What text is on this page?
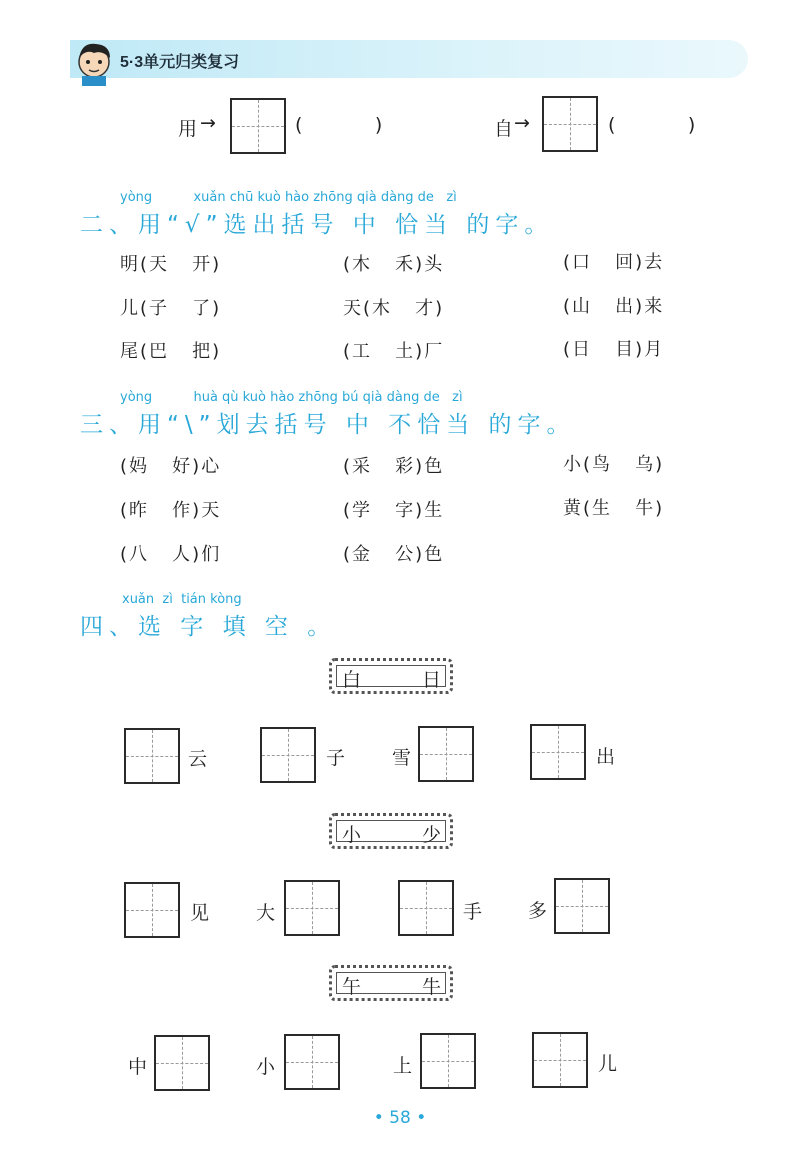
5·3单元归类复习
用 →	(            )	自 →	(            )
yòng          xuǎn chū kuò hào zhōng qià dàng de   zì
二、用“√”选出括号 中 恰当 的字。
明(天   开)	(木   禾)头	(口   回)去
儿(子   了)	天(木   才)	(山   出)来
尾(巴   把)	(工   土)厂	(日   目)月
yòng          huà qù kuò hào zhōng bú qià dàng de   zì
三、用“\”划去括号 中 不恰当 的字。
(妈   好)心	(采   彩)色	小(鸟   乌)
(昨   作)天	(学   字)生	黄(生   牛)
(八   人)们	(金   公)色
xuǎn  zì  tián kòng
四、选 字 填 空 。
白	日
云	子 雪	出
小	少
见 大	手 多
午	牛
中	小	上	儿
• 58 •
